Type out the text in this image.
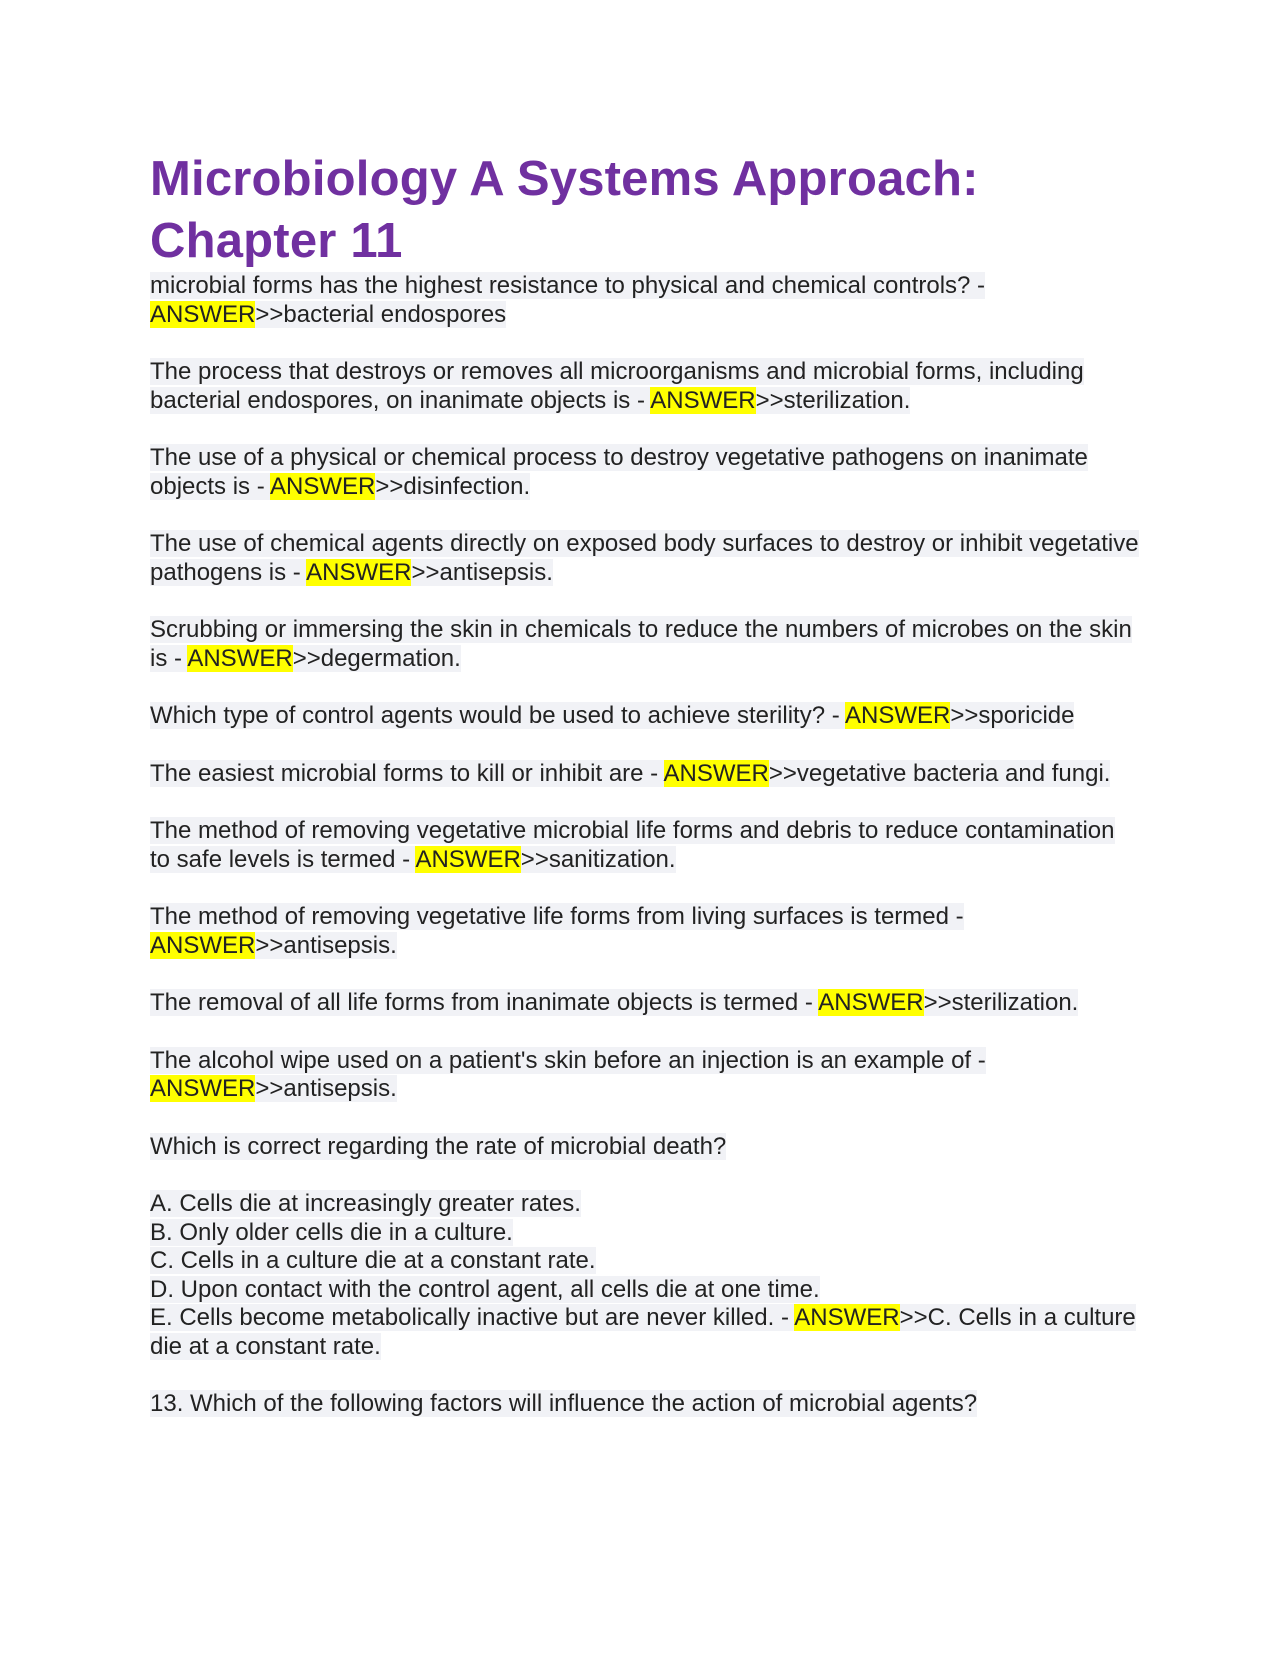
Microbiology A Systems Approach: Chapter 11

microbial forms has the highest resistance to physical and chemical controls? - ANSWER>>bacterial endospores

The process that destroys or removes all microorganisms and microbial forms, including bacterial endospores, on inanimate objects is - ANSWER>>sterilization.

The use of a physical or chemical process to destroy vegetative pathogens on inanimate objects is - ANSWER>>disinfection.

The use of chemical agents directly on exposed body surfaces to destroy or inhibit vegetative pathogens is - ANSWER>>antisepsis.

Scrubbing or immersing the skin in chemicals to reduce the numbers of microbes on the skin is - ANSWER>>degermation.

Which type of control agents would be used to achieve sterility? - ANSWER>>sporicide

The easiest microbial forms to kill or inhibit are - ANSWER>>vegetative bacteria and fungi.

The method of removing vegetative microbial life forms and debris to reduce contamination to safe levels is termed - ANSWER>>sanitization.

The method of removing vegetative life forms from living surfaces is termed - ANSWER>>antisepsis.

The removal of all life forms from inanimate objects is termed - ANSWER>>sterilization.

The alcohol wipe used on a patient's skin before an injection is an example of - ANSWER>>antisepsis.

Which is correct regarding the rate of microbial death?

A. Cells die at increasingly greater rates.
B. Only older cells die in a culture.
C. Cells in a culture die at a constant rate.
D. Upon contact with the control agent, all cells die at one time.
E. Cells become metabolically inactive but are never killed. - ANSWER>>C. Cells in a culture die at a constant rate.

13. Which of the following factors will influence the action of microbial agents?
